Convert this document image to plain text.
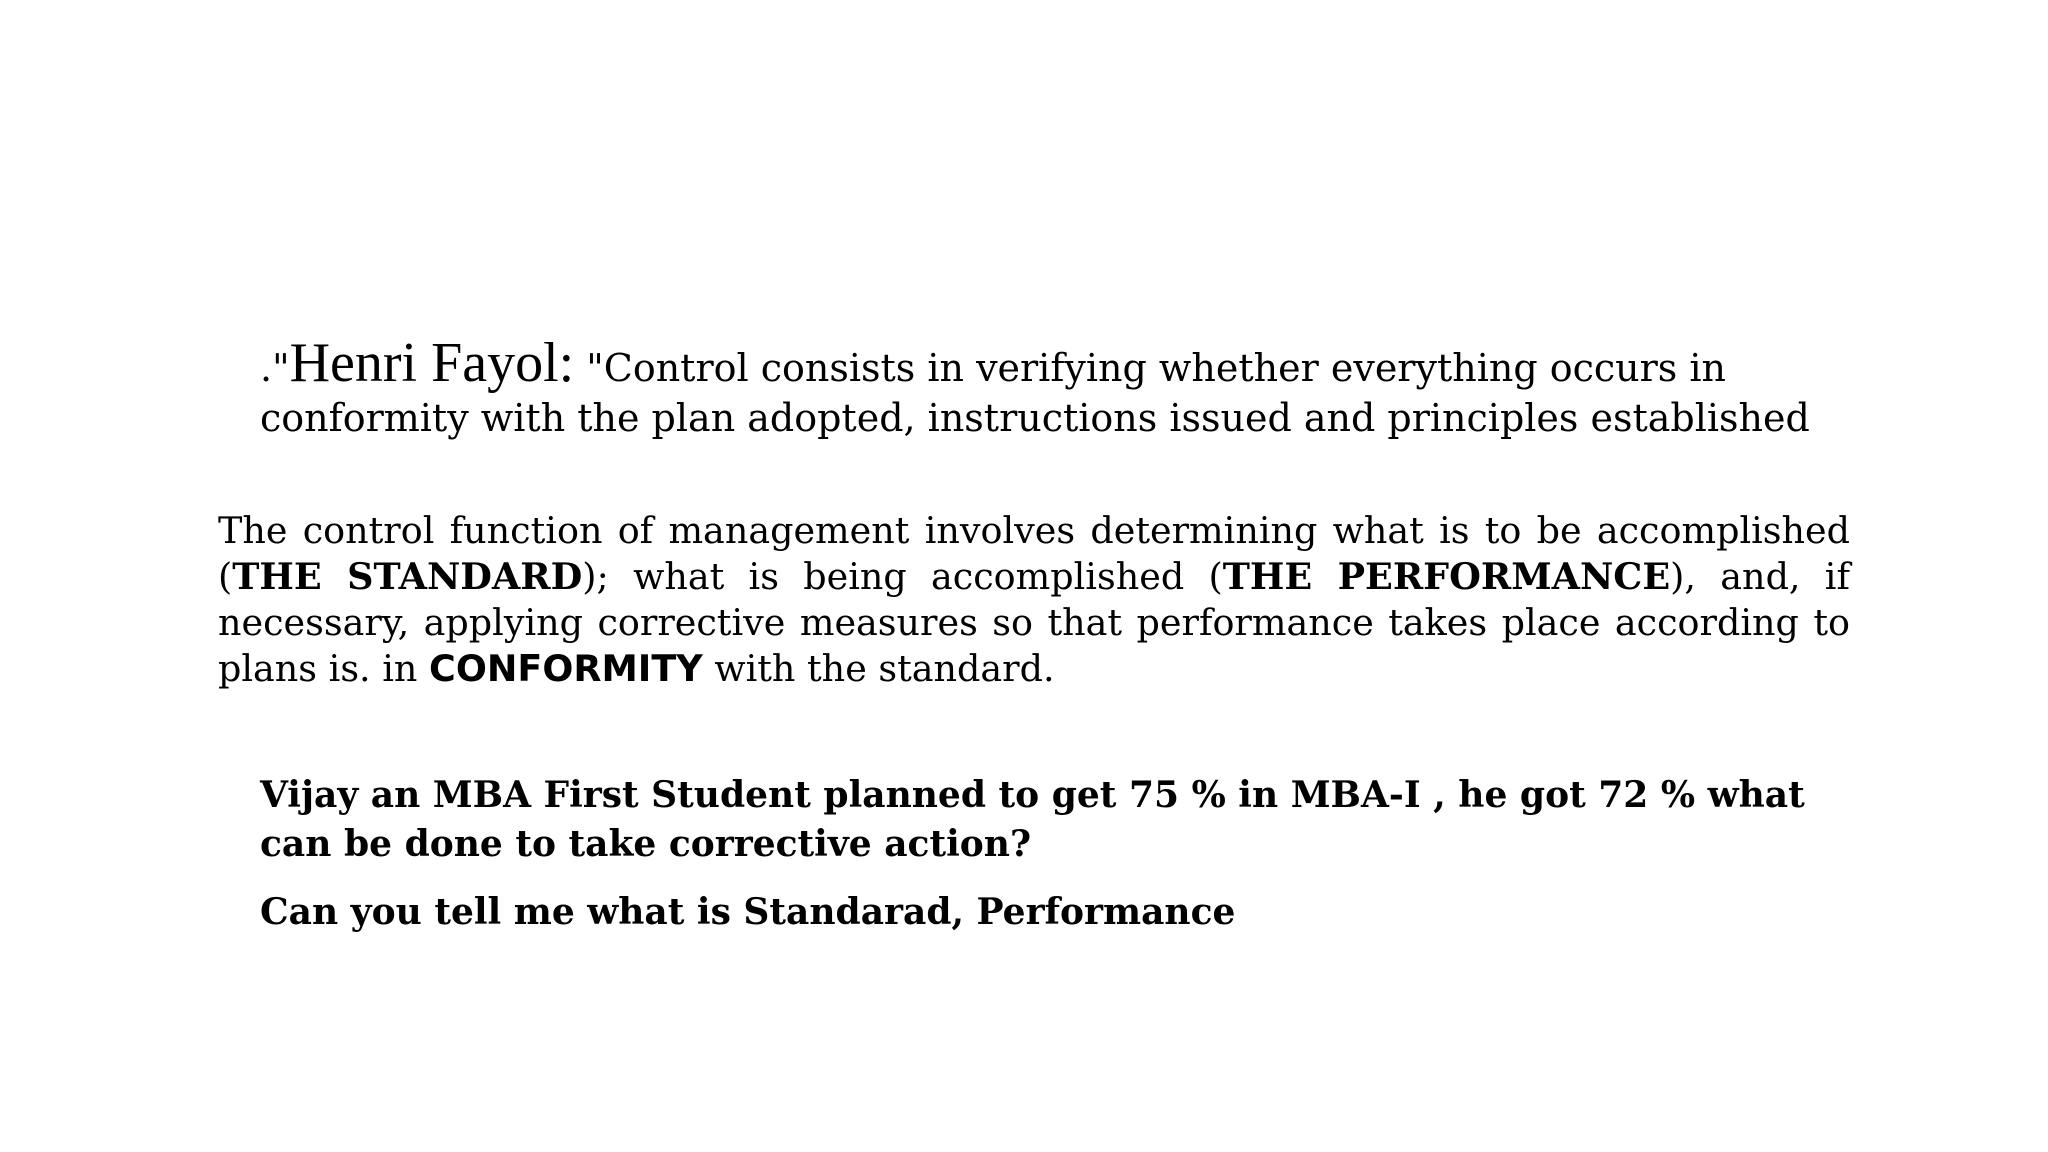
."Henri Fayol: "Control consists in verifying whether everything occurs in
conformity with the plan adopted, instructions issued and principles established
The control function of management involves determining what is to be accomplished (THE STANDARD); what is being accomplished (THE PERFORMANCE), and, if necessary, applying corrective measures so that performance takes place according to plans is. in CONFORMITY with the standard.
Vijay an MBA First Student planned to get 75 % in MBA-I , he got 72 % what can be done to take corrective action?
Can you tell me what is Standarad, Performance
